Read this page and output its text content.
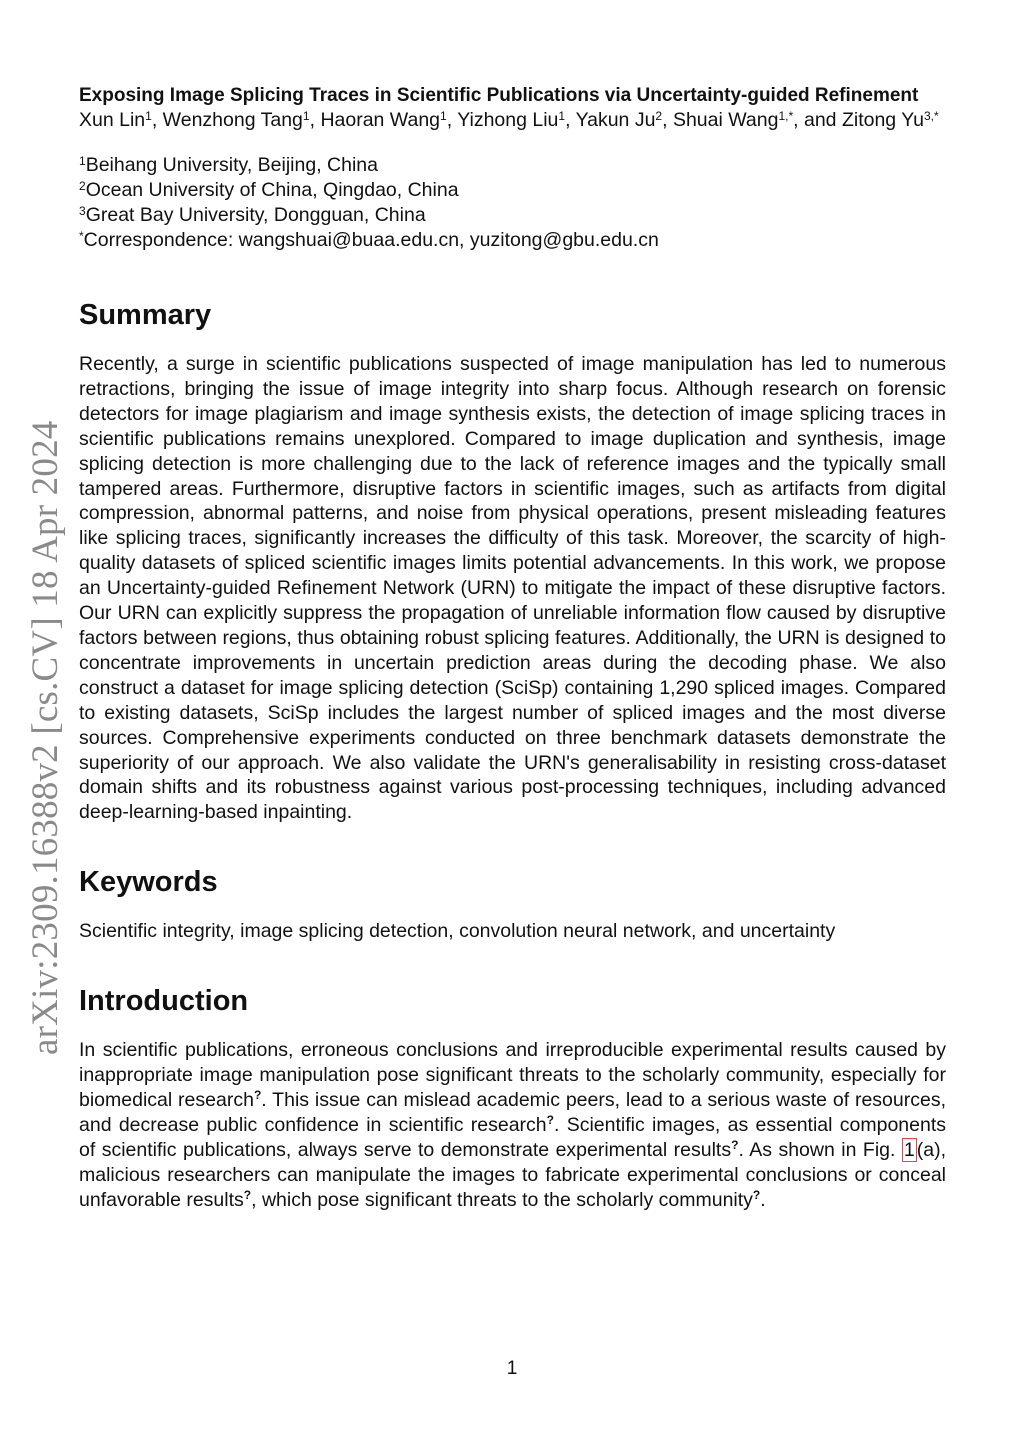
arXiv:2309.16388v2 [cs.CV] 18 Apr 2024

Exposing Image Splicing Traces in Scientific Publications via Uncertainty-guided Refinement

Xun Lin$^1$, Wenzhong Tang$^1$, Haoran Wang$^1$, Yizhong Liu$^1$, Yakun Ju$^2$, Shuai Wang$^{1,*}$, and Zitong $Yu^{3,*}$

$^1$Beihang University, Beijing, China
$^2$Ocean University of China, Qingdao, China
$^3$Great Bay University, Dongguan, China
*Correspondence: wangshuai@buaa.edu.cn, yuzitong@gbu.edu.cn
Summary

Recently, a surge in scientific publications suspected of image manipulation has led to numerous retractions, bringing the issue of image integrity into sharp focus. Although research on forensic detectors for image plagiarism and image synthesis exists, the detection of image splicing traces in scientific publications remains unexplored. Compared to image duplication and synthesis, image splicing detection is more challenging due to the lack of reference images and the typically small tampered areas. Furthermore, disruptive factors in scientific images, such as artifacts from digital compression, abnormal patterns, and noise from physical operations, present misleading features like splicing traces, significantly increases the difficulty of this task. Moreover, the scarcity of high-quality datasets of spliced scientific images limits potential advancements. In this work, we propose an Uncertainty-guided Refinement Network (URN) to mitigate the impact of these disruptive factors. Our URN can explicitly suppress the propagation of unreliable information flow caused by disruptive factors between regions, thus obtaining robust splicing features. Additionally, the URN is designed to concentrate improvements in uncertain prediction areas during the decoding phase. We also construct a dataset for image splicing detection (SciSp) containing 1,290 spliced images. Compared to existing datasets, SciSp includes the largest number of spliced images and the most diverse sources. Comprehensive experiments conducted on three benchmark datasets demonstrate the superiority of our approach. We also validate the URN's generalisability in resisting cross-dataset domain shifts and its robustness against various post-processing techniques, including advanced deep-learning-based inpainting.

Keywords

Scientific integrity, image splicing detection, convolution neural network, and uncertainty

Introduction

In scientific publications, erroneous conclusions and irreproducible experimental results caused by inappropriate image manipulation pose significant threats to the scholarly community, especially for biomedical research?. This issue can mislead academic peers, lead to a serious waste of resources, and decrease public confidence in scientific research?. Scientific images, as essential components of scientific publications, always serve to demonstrate experimental results?. As shown in Fig. 1 (a), malicious researchers can manipulate the images to fabricate experimental conclusions or conceal unfavorable results?, which pose significant threats to the scholarly community?.

1
